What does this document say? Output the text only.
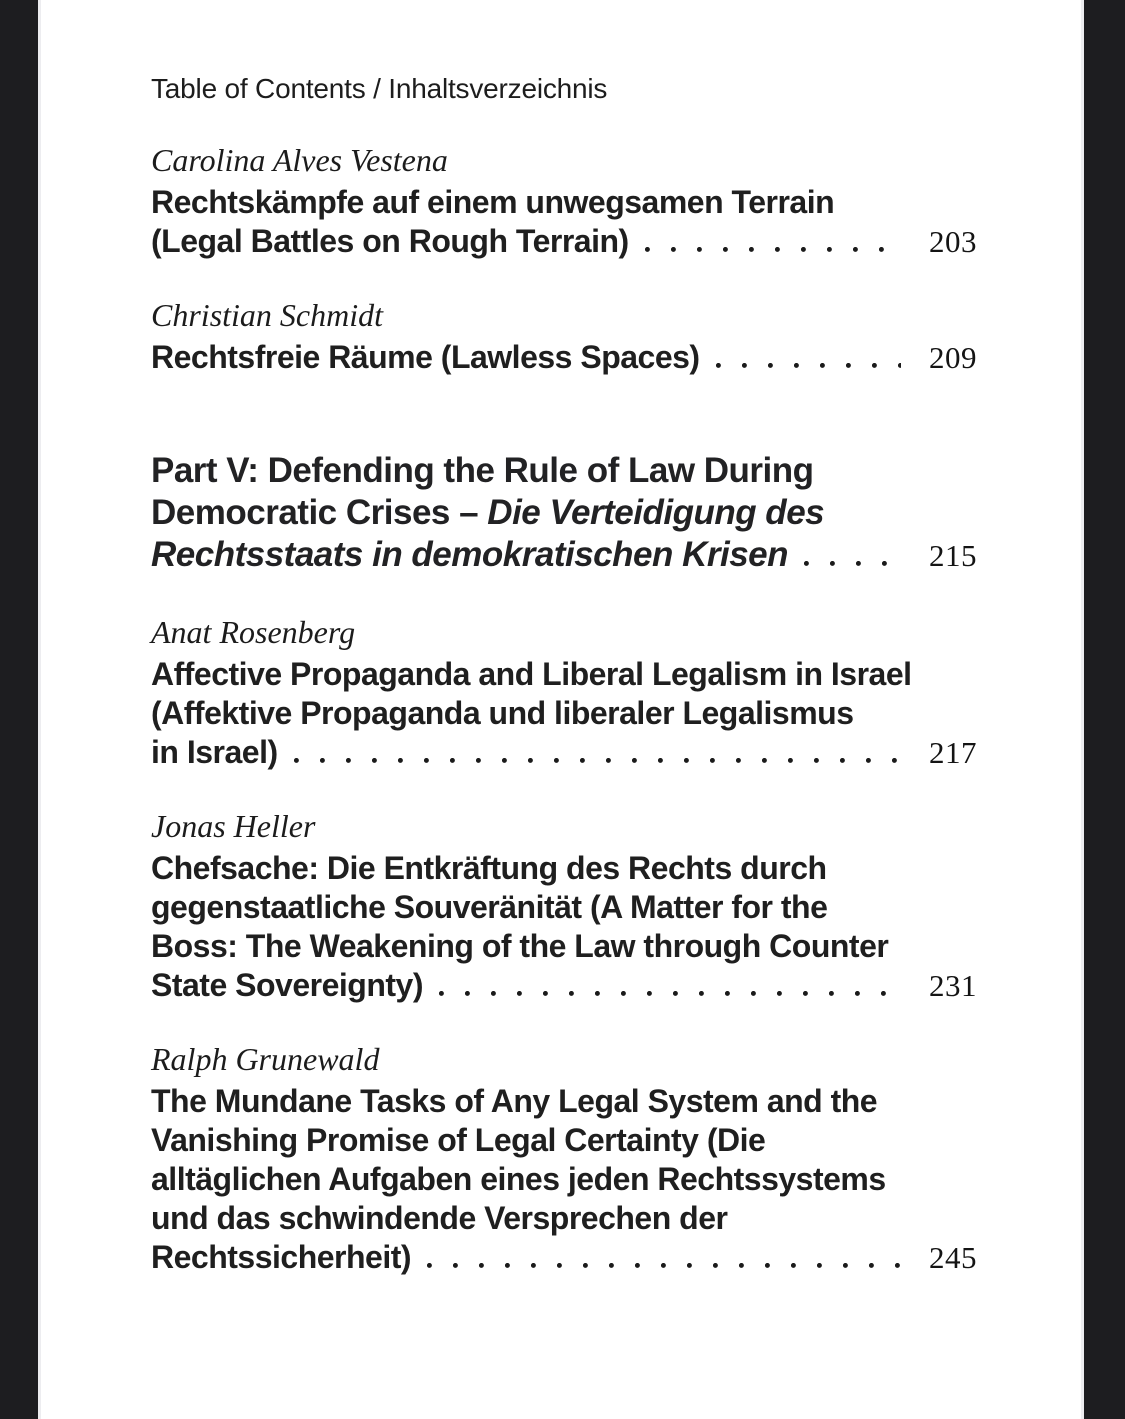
Table of Contents / Inhaltsverzeichnis
Carolina Alves Vestena
Rechtskämpfe auf einem unwegsamen Terrain
(Legal Battles on Rough Terrain)	203
Christian Schmidt
Rechtsfreie Räume (Lawless Spaces)	209
Part V: Defending the Rule of Law During
Democratic Crises – Die Verteidigung des
Rechtsstaats in demokratischen Krisen	215
Anat Rosenberg
Affective Propaganda and Liberal Legalism in Israel
(Affektive Propaganda und liberaler Legalismus
in Israel)	217
Jonas Heller
Chefsache: Die Entkräftung des Rechts durch
gegenstaatliche Souveränität (A Matter for the
Boss: The Weakening of the Law through Counter
State Sovereignty)	231
Ralph Grunewald
The Mundane Tasks of Any Legal System and the
Vanishing Promise of Legal Certainty (Die
alltäglichen Aufgaben eines jeden Rechtssystems
und das schwindende Versprechen der
Rechtssicherheit)	245
